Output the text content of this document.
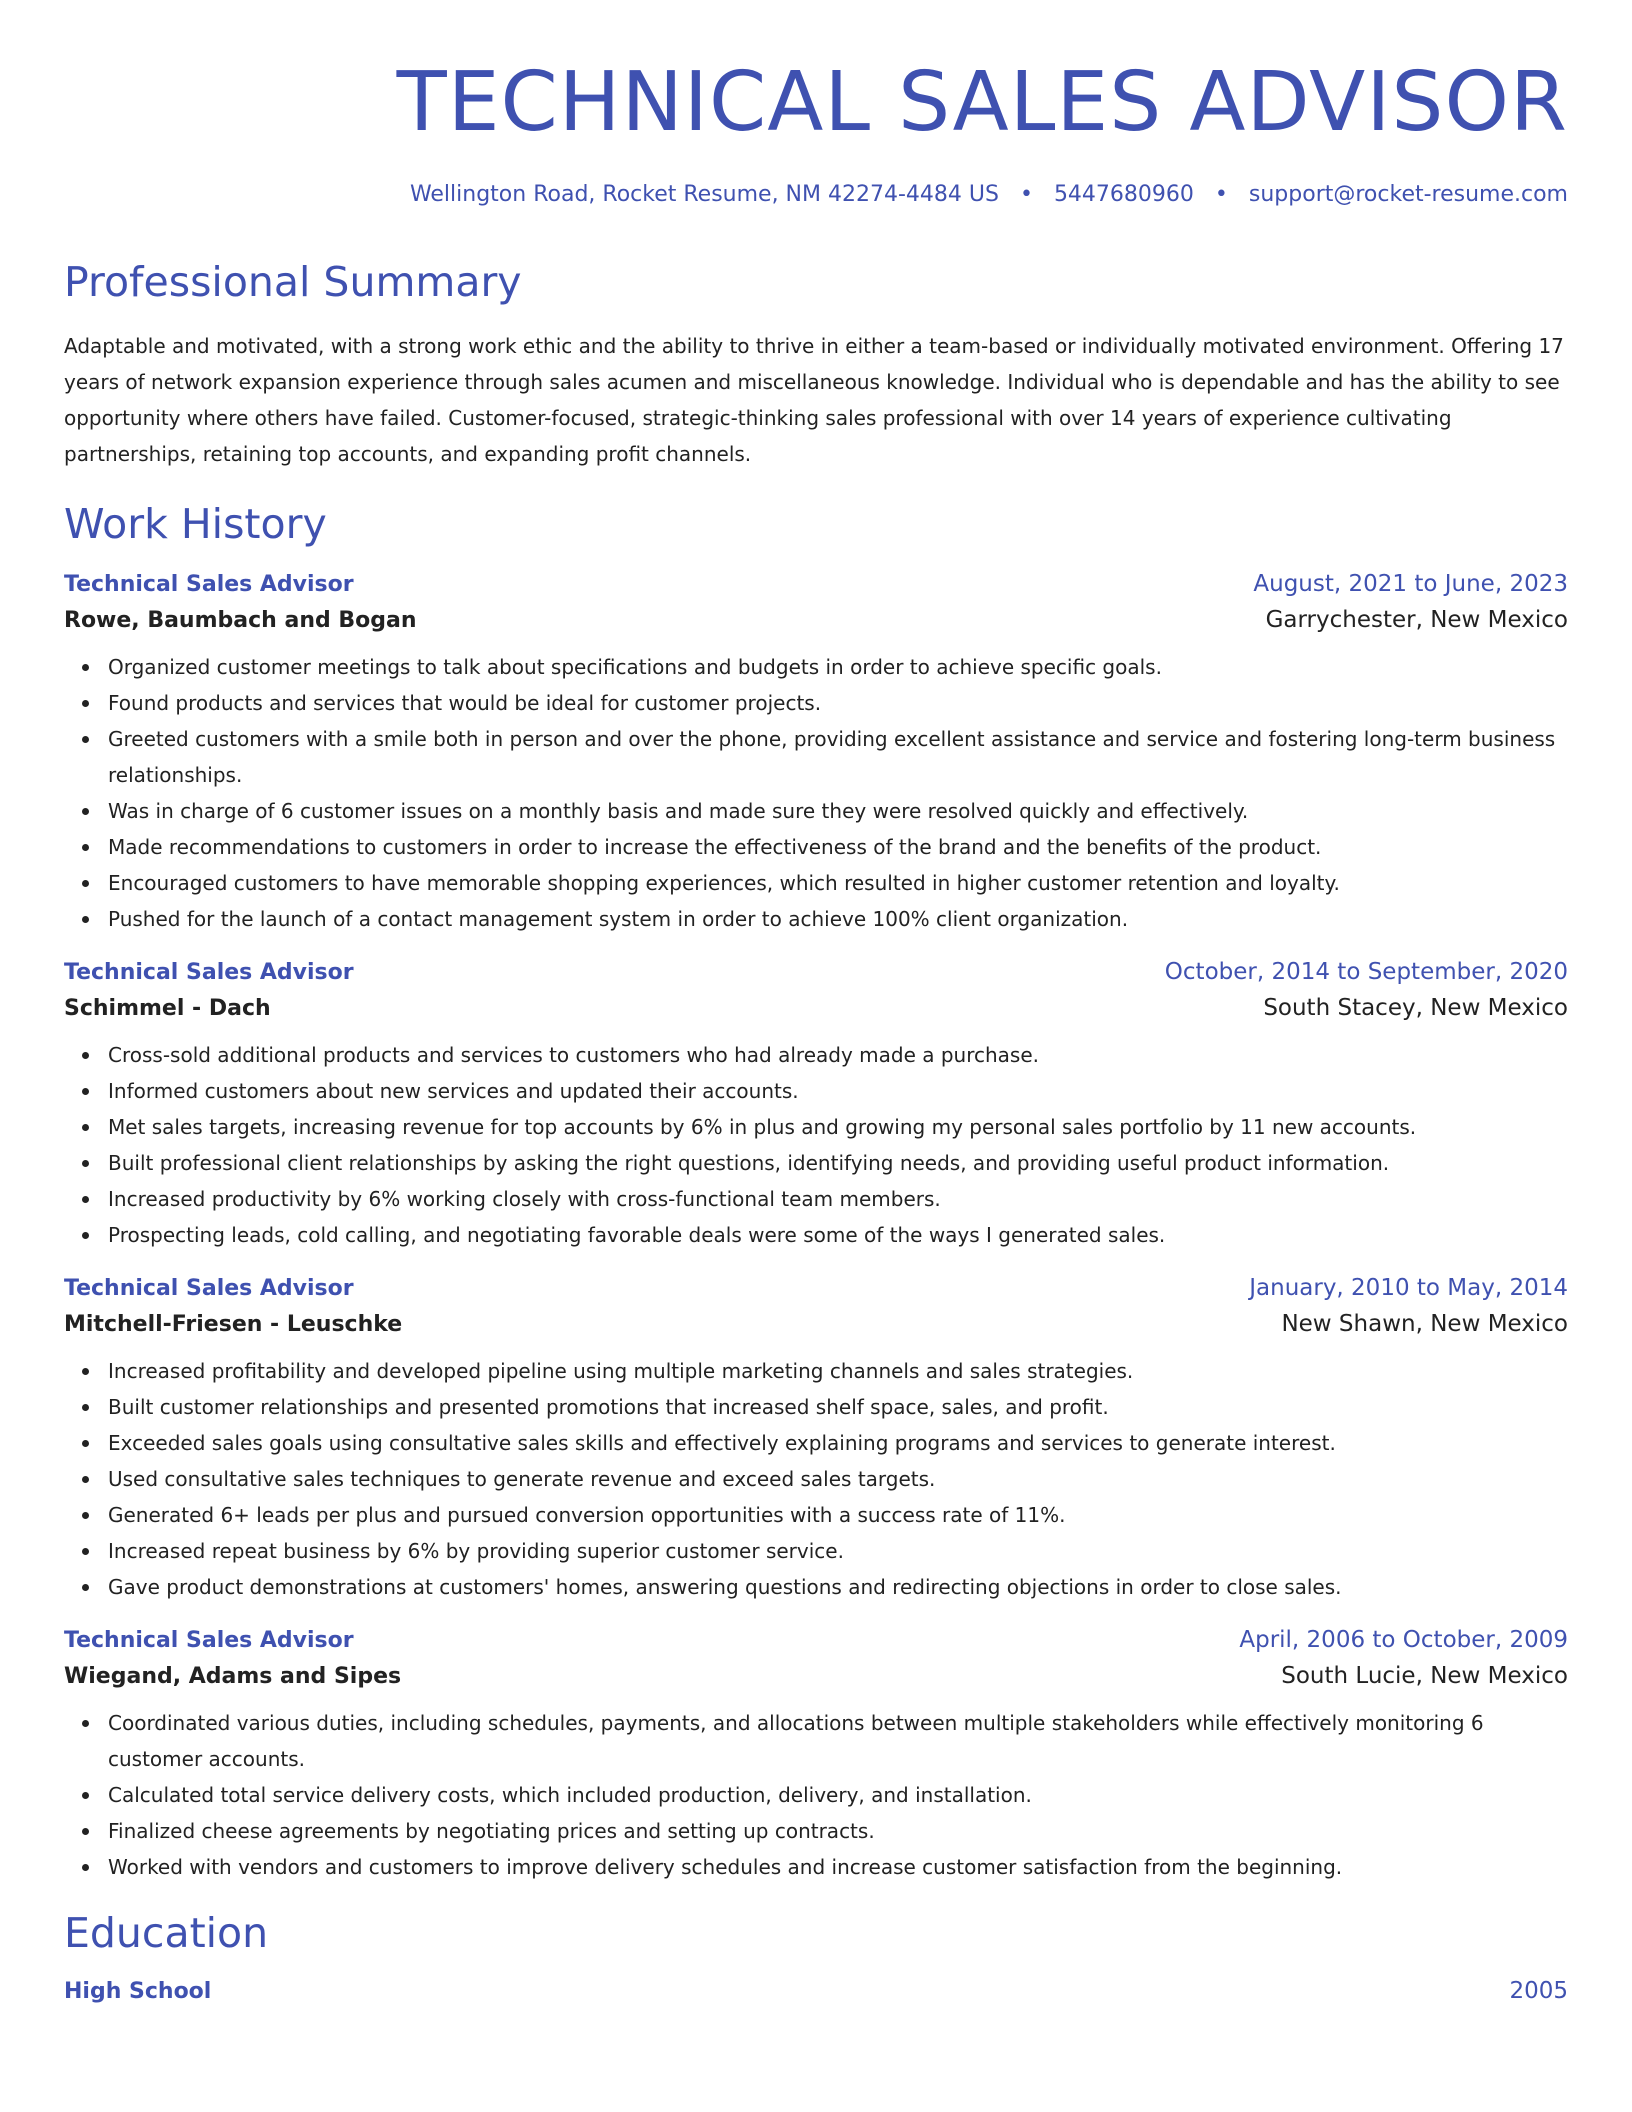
TECHNICAL SALES ADVISOR
Wellington Road, Rocket Resume, NM 42274-4484 US • 5447680960 • support@rocket-resume.com
Professional Summary

Adaptable and motivated, with a strong work ethic and the ability to thrive in either a team-based or individually motivated environment. Offering 17 years of network expansion experience through sales acumen and miscellaneous knowledge. Individual who is dependable and has the ability to see opportunity where others have failed. Customer-focused, strategic-thinking sales professional with over 14 years of experience cultivating partnerships, retaining top accounts, and expanding profit channels.

Work History
Technical Sales Advisor	August, 2021 to June, 2023
Rowe, Baumbach and Bogan	Garrychester, New Mexico
Organized customer meetings to talk about specifications and budgets in order to achieve specific goals.
Found products and services that would be ideal for customer projects.
Greeted customers with a smile both in person and over the phone, providing excellent assistance and service and fostering long-term business relationships.
Was in charge of 6 customer issues on a monthly basis and made sure they were resolved quickly and effectively.
Made recommendations to customers in order to increase the effectiveness of the brand and the benefits of the product.
Encouraged customers to have memorable shopping experiences, which resulted in higher customer retention and loyalty.
Pushed for the launch of a contact management system in order to achieve 100% client organization.
Technical Sales Advisor	October, 2014 to September, 2020
Schimmel - Dach	South Stacey, New Mexico
Cross-sold additional products and services to customers who had already made a purchase.
Informed customers about new services and updated their accounts.
Met sales targets, increasing revenue for top accounts by 6% in plus and growing my personal sales portfolio by 11 new accounts.
Built professional client relationships by asking the right questions, identifying needs, and providing useful product information.
Increased productivity by 6% working closely with cross-functional team members.
Prospecting leads, cold calling, and negotiating favorable deals were some of the ways I generated sales.
Technical Sales Advisor	January, 2010 to May, 2014
Mitchell-Friesen - Leuschke	New Shawn, New Mexico
Increased profitability and developed pipeline using multiple marketing channels and sales strategies.
Built customer relationships and presented promotions that increased shelf space, sales, and profit.
Exceeded sales goals using consultative sales skills and effectively explaining programs and services to generate interest.
Used consultative sales techniques to generate revenue and exceed sales targets.
Generated 6+ leads per plus and pursued conversion opportunities with a success rate of 11%.
Increased repeat business by 6% by providing superior customer service.
Gave product demonstrations at customers' homes, answering questions and redirecting objections in order to close sales.
Technical Sales Advisor	April, 2006 to October, 2009
Wiegand, Adams and Sipes	South Lucie, New Mexico
Coordinated various duties, including schedules, payments, and allocations between multiple stakeholders while effectively monitoring 6 customer accounts.
Calculated total service delivery costs, which included production, delivery, and installation.
Finalized cheese agreements by negotiating prices and setting up contracts.
Worked with vendors and customers to improve delivery schedules and increase customer satisfaction from the beginning.
Education
High School	2005
